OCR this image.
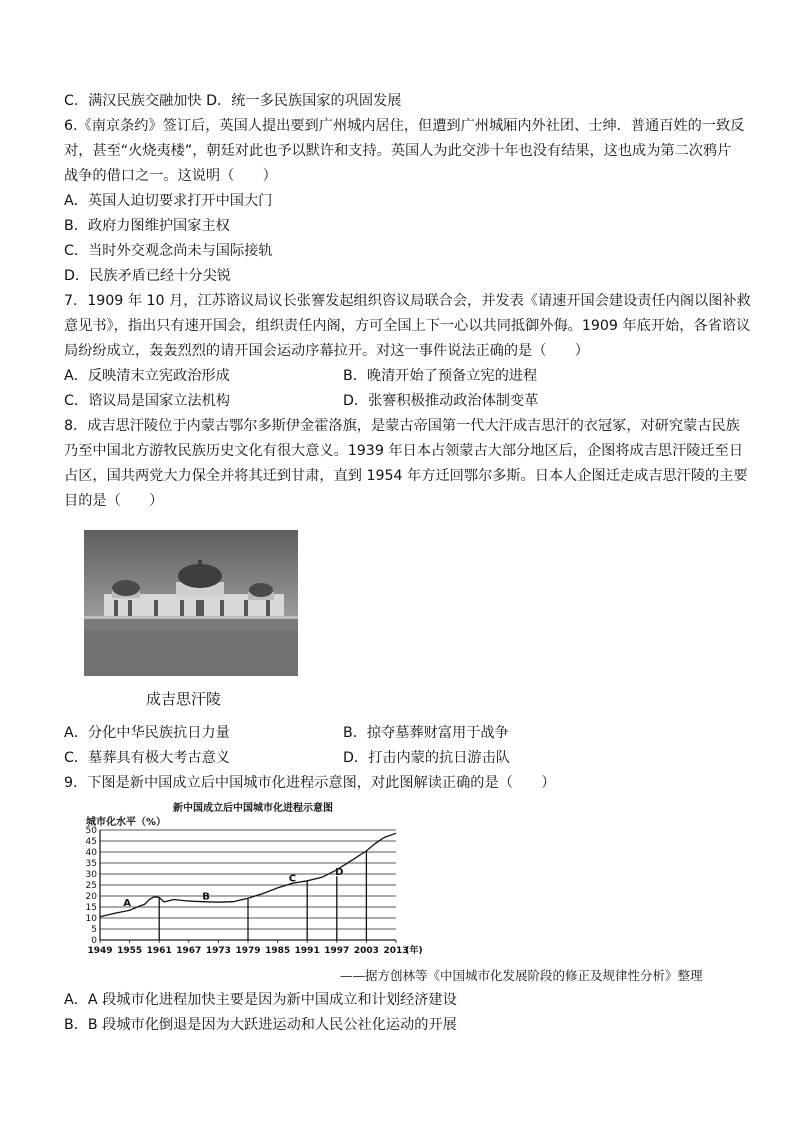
C．满汉民族交融加快 D．统一多民族国家的巩固发展
6.《南京条约》签订后，英国人提出要到广州城内居住，但遭到广州城厢内外社团、士绅．普通百姓的一致反
对，甚至“火烧夷楼”，朝廷对此也予以默许和支持。英国人为此交涉十年也没有结果，这也成为第二次鸦片
战争的借口之一。这说明（　　）
A．英国人迫切要求打开中国大门
B．政府力图维护国家主权
C．当时外交观念尚未与国际接轨
D．民族矛盾已经十分尖锐
7．1909 年 10 月，江苏谘议局议长张謇发起组织咨议局联合会，并发表《请速开国会建设责任内阁以图补救
意见书》，指出只有速开国会，组织责任内阁，方可全国上下一心以共同抵御外侮。1909 年底开始，各省谘议
局纷纷成立，轰轰烈烈的请开国会运动序幕拉开。对这一事件说法正确的是（　　）
A．反映清末立宪政治形成	B．晚清开始了预备立宪的进程
C．谘议局是国家立法机构	D．张謇积极推动政治体制变革
8．成吉思汗陵位于内蒙古鄂尔多斯伊金霍洛旗，是蒙古帝国第一代大汗成吉思汗的衣冠冢，对研究蒙古民族
乃至中国北方游牧民族历史文化有很大意义。1939 年日本占领蒙古大部分地区后，企图将成吉思汗陵迁至日
占区，国共两党大力保全并将其迁到甘肃，直到 1954 年方迁回鄂尔多斯。日本人企图迁走成吉思汗陵的主要
目的是（　　）
成吉思汗陵
A．分化中华民族抗日力量	B．掠夺墓葬财富用于战争
C．墓葬具有极大考古意义	D．打击内蒙的抗日游击队
9．下图是新中国成立后中国城市化进程示意图，对此图解读正确的是（　　）
新中国成立后中国城市化进程示意图
城市化水平（%）
50
45
40
35
30
25
20
15
10
5
0
1949 1955 1961 1967 1973 1979 1985 1991 1997 2003 2013
(年)
A
B
C
D
——据方创林等《中国城市化发展阶段的修正及规律性分析》整理
A．A 段城市化进程加快主要是因为新中国成立和计划经济建设
B．B 段城市化倒退是因为大跃进运动和人民公社化运动的开展
